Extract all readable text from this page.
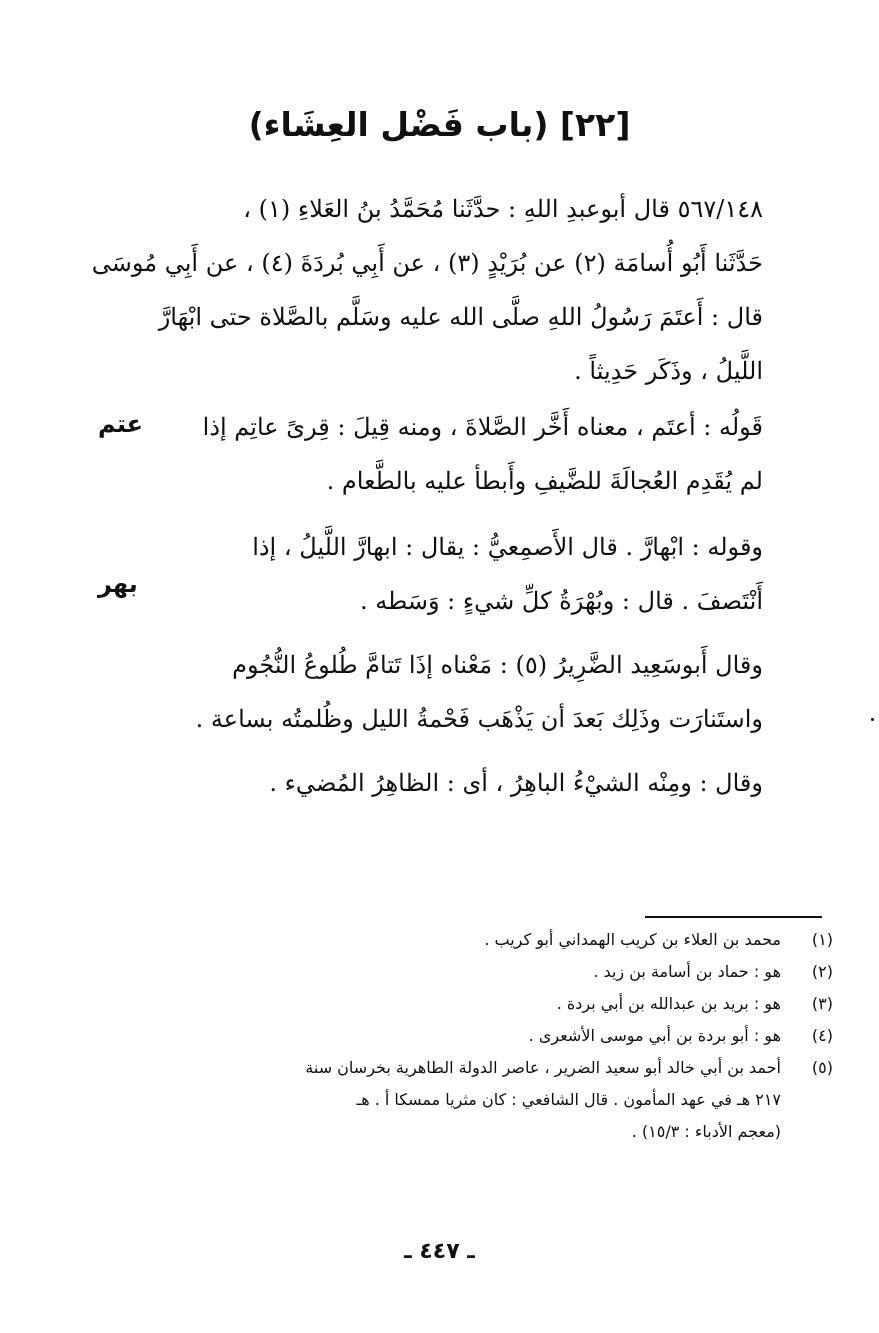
[٢٢] (باب فَضْل العِشَاء)
٥٦٧/١٤٨ قال أبوعبدِ اللهِ : حدَّثَنا مُحَمَّدُ بنُ العَلاءِ (١) ،
حَدَّثَنا أَبُو أُسامَة (٢) عن بُرَيْدٍ (٣) ، عن أَبِي بُردَةَ (٤) ، عن أَبِي مُوسَى
قال : أَعتَمَ رَسُولُ اللهِ صلَّى الله عليه وسَلَّم بالصَّلاة حتى ابْهَارَّ
اللَّيلُ ، وذَكَر حَدِيثاً .
قَولُه : أعتَم ، معناه أَخَّر الصَّلاةَ ، ومنه قِيلَ : قِرىً عاتِم إذا
لم يُقَدِم العُجالَةَ للضَّيفِ وأَبطأ عليه بالطَّعام .
عتم
وقوله : ابْهارَّ . قال الأَصمِعيُّ : يقال : ابهارَّ اللَّيلُ ، إذا
أَنْتَصفَ . قال : وبُهْرَةُ كلِّ شيءٍ : وَسَطه .
بهر
وقال أَبوسَعِيد الضَّرِيرُ (٥) : مَعْناه إذَا تَتامَّ طُلوعُ النُّجُوم
واستَنارَت وذَلِك بَعدَ أن يَذْهَب فَحْمةُ الليل وظُلمتُه بساعة .
وقال : ومِنْه الشيْءُ الباهِرُ ، أى : الظاهِرُ المُضيء .
(١)
محمد بن العلاء بن كريب الهمداني أبو كريب .
(٢)
هو : حماد بن أسامة بن زيد .
(٣)
هو : بريد بن عبدالله بن أبي بردة .
(٤)
هو : أبو بردة بن أبي موسى الأشعرى .
(٥)
أحمد بن أبي خالد أبو سعيد الضرير ، عاصر الدولة الطاهرية بخرسان سنة
٢١٧ هـ في عهد المأمون . قال الشافعي : كان مثريا ممسكا أ . هـ
(معجم الأدباء : ١٥/٣) .
ـ ٤٤٧ ـ
